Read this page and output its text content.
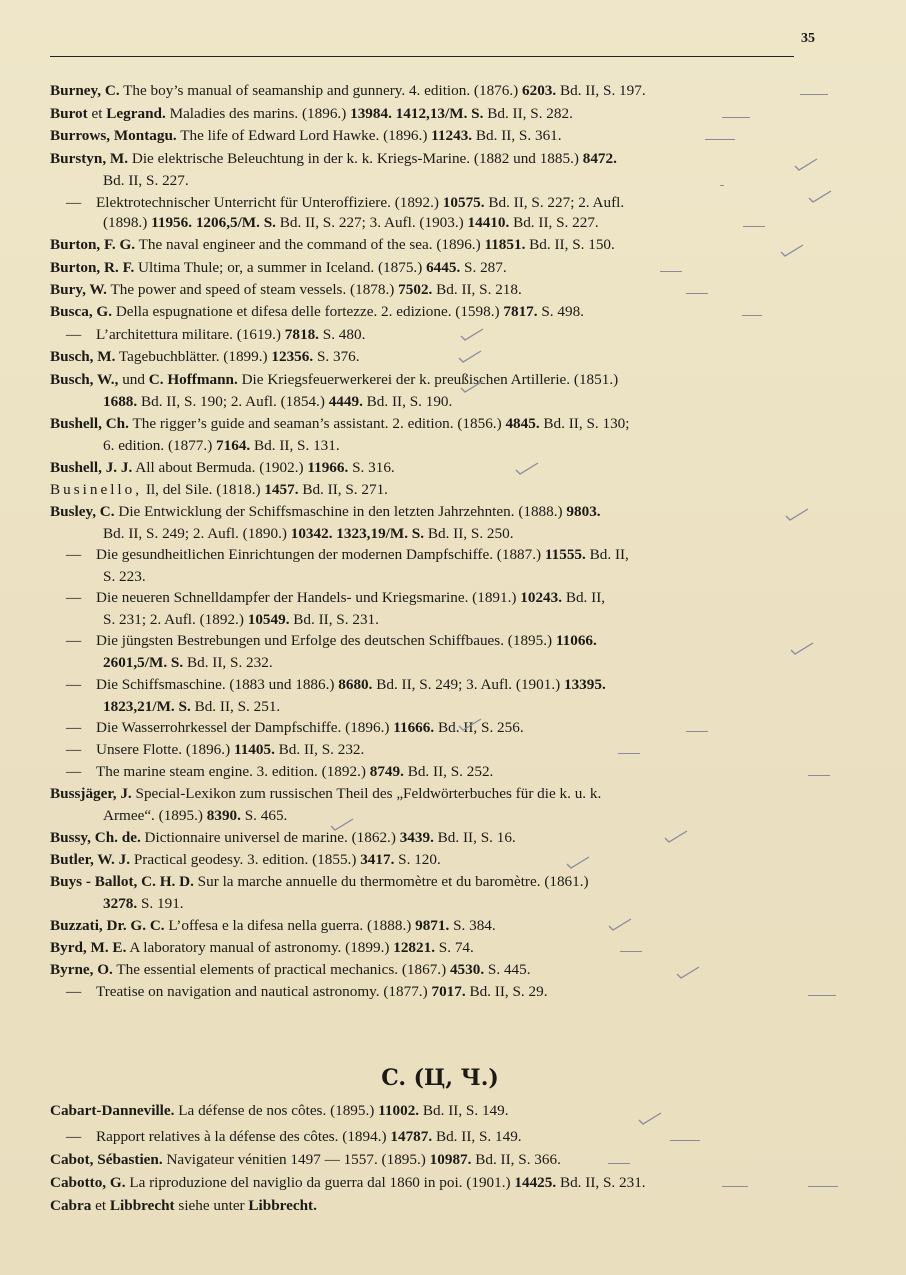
35
Burney, C. The boy’s manual of seamanship and gunnery. 4. edition. (1876.) 6203. Bd. II, S. 197.
Burot et Legrand. Maladies des marins. (1896.) 13984. 1412,13/M. S. Bd. II, S. 282.
Burrows, Montagu. The life of Edward Lord Hawke. (1896.) 11243. Bd. II, S. 361.
Burstyn, M. Die elektrische Beleuchtung in der k. k. Kriegs-Marine. (1882 und 1885.) 8472.
Bd. II, S. 227.
— Elektrotechnischer Unterricht für Unteroffiziere. (1892.) 10575. Bd. II, S. 227; 2. Aufl.
(1898.) 11956. 1206,5/M. S. Bd. II, S. 227; 3. Aufl. (1903.) 14410. Bd. II, S. 227.
Burton, F. G. The naval engineer and the command of the sea. (1896.) 11851. Bd. II, S. 150.
Burton, R. F. Ultima Thule; or, a summer in Iceland. (1875.) 6445. S. 287.
Bury, W. The power and speed of steam vessels. (1878.) 7502. Bd. II, S. 218.
Busca, G. Della espugnatione et difesa delle fortezze. 2. edizione. (1598.) 7817. S. 498.
— L’architettura militare. (1619.) 7818. S. 480.
Busch, M. Tagebuchblätter. (1899.) 12356. S. 376.
Busch, W., und C. Hoffmann. Die Kriegsfeuerwerkerei der k. preußischen Artillerie. (1851.)
1688. Bd. II, S. 190; 2. Aufl. (1854.) 4449. Bd. II, S. 190.
Bushell, Ch. The rigger’s guide and seaman’s assistant. 2. edition. (1856.) 4845. Bd. II, S. 130;
6. edition. (1877.) 7164. Bd. II, S. 131.
Bushell, J. J. All about Bermuda. (1902.) 11966. S. 316.
Businello, Il, del Sile. (1818.) 1457. Bd. II, S. 271.
Busley, C. Die Entwicklung der Schiffsmaschine in den letzten Jahrzehnten. (1888.) 9803.
Bd. II, S. 249; 2. Aufl. (1890.) 10342. 1323,19/M. S. Bd. II, S. 250.
— Die gesundheitlichen Einrichtungen der modernen Dampfschiffe. (1887.) 11555. Bd. II,
S. 223.
— Die neueren Schnelldampfer der Handels- und Kriegsmarine. (1891.) 10243. Bd. II,
S. 231; 2. Aufl. (1892.) 10549. Bd. II, S. 231.
— Die jüngsten Bestrebungen und Erfolge des deutschen Schiffbaues. (1895.) 11066.
2601,5/M. S. Bd. II, S. 232.
— Die Schiffsmaschine. (1883 und 1886.) 8680. Bd. II, S. 249; 3. Aufl. (1901.) 13395.
1823,21/M. S. Bd. II, S. 251.
— Die Wasserrohrkessel der Dampfschiffe. (1896.) 11666. Bd. II, S. 256.
— Unsere Flotte. (1896.) 11405. Bd. II, S. 232.
— The marine steam engine. 3. edition. (1892.) 8749. Bd. II, S. 252.
Bussjäger, J. Special-Lexikon zum russischen Theil des „Feldwörterbuches für die k. u. k.
Armee“. (1895.) 8390. S. 465.
Bussy, Ch. de. Dictionnaire universel de marine. (1862.) 3439. Bd. II, S. 16.
Butler, W. J. Practical geodesy. 3. edition. (1855.) 3417. S. 120.
Buys - Ballot, C. H. D. Sur la marche annuelle du thermomètre et du baromètre. (1861.)
3278. S. 191.
Buzzati, Dr. G. C. L’offesa e la difesa nella guerra. (1888.) 9871. S. 384.
Byrd, M. E. A laboratory manual of astronomy. (1899.) 12821. S. 74.
Byrne, O. The essential elements of practical mechanics. (1867.) 4530. S. 445.
— Treatise on navigation and nautical astronomy. (1877.) 7017. Bd. II, S. 29.
C. (Ц, Ч.)
Cabart-Danneville. La défense de nos côtes. (1895.) 11002. Bd. II, S. 149.
— Rapport relatives à la défense des côtes. (1894.) 14787. Bd. II, S. 149.
Cabot, Sébastien. Navigateur vénitien 1497 — 1557. (1895.) 10987. Bd. II, S. 366.
Cabotto, G. La riproduzione del naviglio da guerra dal 1860 in poi. (1901.) 14425. Bd. II, S. 231.
Cabra et Libbrecht siehe unter Libbrecht.
